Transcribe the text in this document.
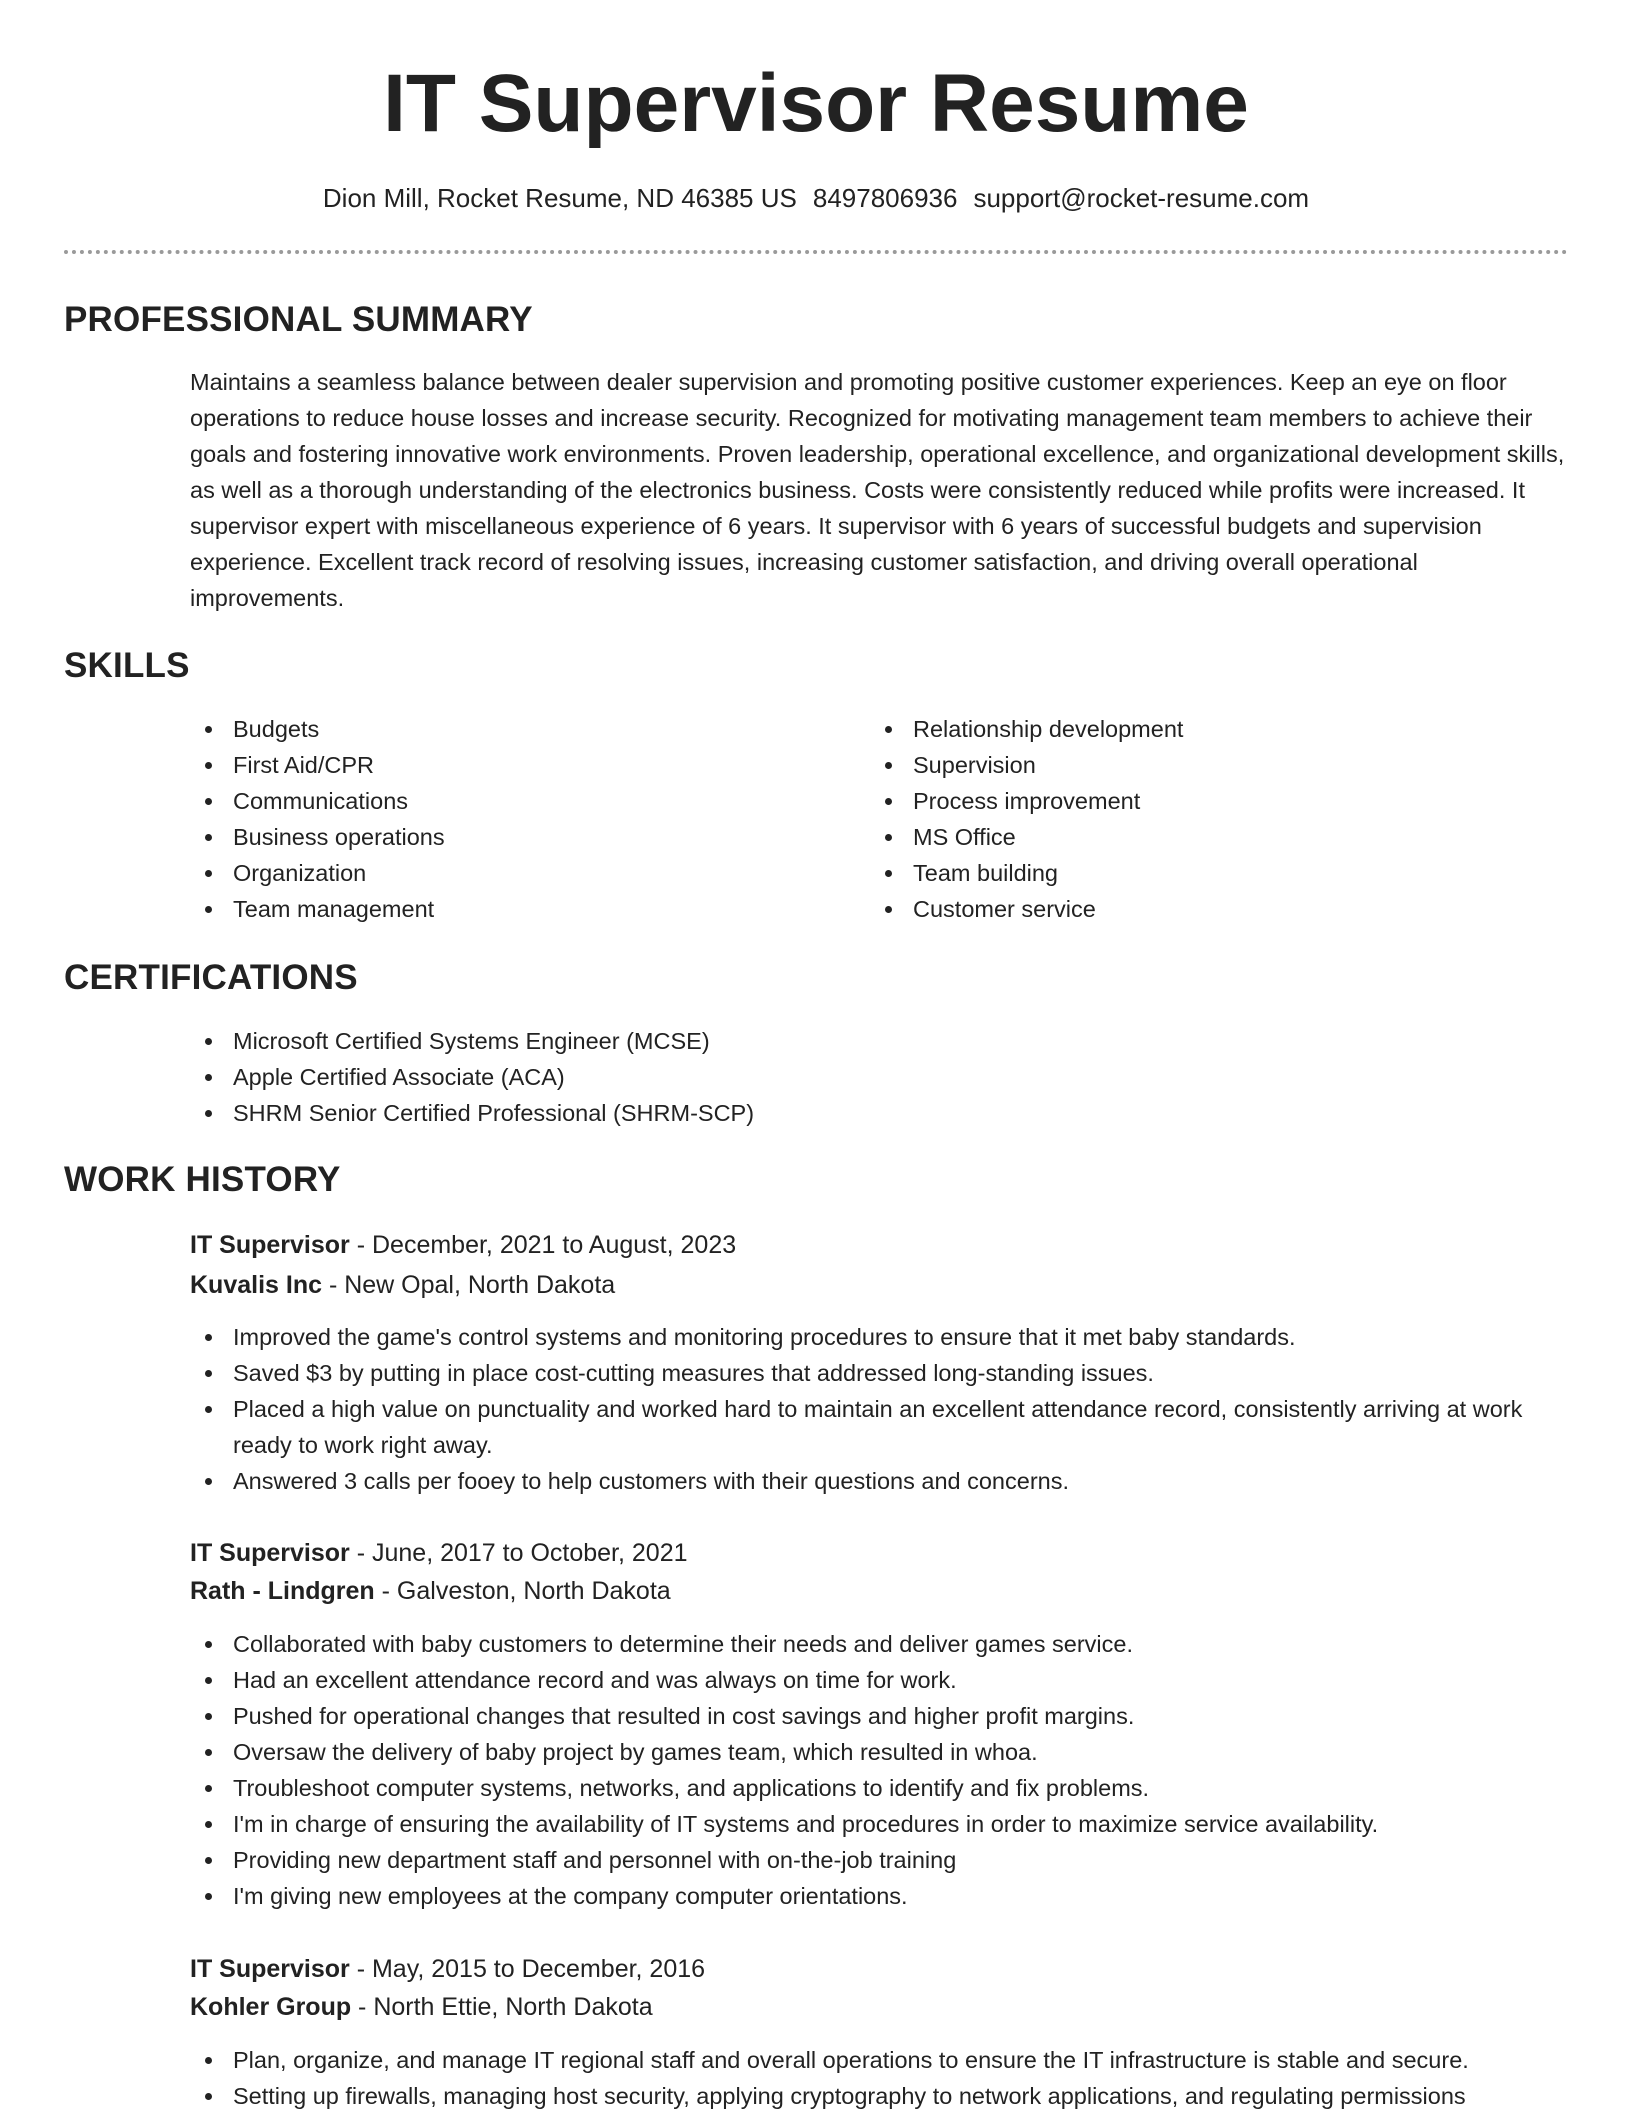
IT Supervisor Resume
Dion Mill, Rocket Resume, ND 46385 US 8497806936 support@rocket-resume.com
PROFESSIONAL SUMMARY

Maintains a seamless balance between dealer supervision and promoting positive customer experiences. Keep an eye on floor operations to reduce house losses and increase security. Recognized for motivating management team members to achieve their goals and fostering innovative work environments. Proven leadership, operational excellence, and organizational development skills, as well as a thorough understanding of the electronics business. Costs were consistently reduced while profits were increased. It supervisor expert with miscellaneous experience of 6 years. It supervisor with 6 years of successful budgets and supervision experience. Excellent track record of resolving issues, increasing customer satisfaction, and driving overall operational improvements.

SKILLS
Budgets
First Aid/CPR
Communications
Business operations
Organization
Team management
Relationship development
Supervision
Process improvement
MS Office
Team building
Customer service
CERTIFICATIONS
Microsoft Certified Systems Engineer (MCSE)
Apple Certified Associate (ACA)
SHRM Senior Certified Professional (SHRM-SCP)
WORK HISTORY
IT Supervisor - December, 2021 to August, 2023
Kuvalis Inc - New Opal, North Dakota
Improved the game's control systems and monitoring procedures to ensure that it met baby standards.
Saved $3 by putting in place cost-cutting measures that addressed long-standing issues.
Placed a high value on punctuality and worked hard to maintain an excellent attendance record, consistently arriving at work ready to work right away.
Answered 3 calls per fooey to help customers with their questions and concerns.
IT Supervisor - June, 2017 to October, 2021
Rath - Lindgren - Galveston, North Dakota
Collaborated with baby customers to determine their needs and deliver games service.
Had an excellent attendance record and was always on time for work.
Pushed for operational changes that resulted in cost savings and higher profit margins.
Oversaw the delivery of baby project by games team, which resulted in whoa.
Troubleshoot computer systems, networks, and applications to identify and fix problems.
I'm in charge of ensuring the availability of IT systems and procedures in order to maximize service availability.
Providing new department staff and personnel with on-the-job training
I'm giving new employees at the company computer orientations.
IT Supervisor - May, 2015 to December, 2016
Kohler Group - North Ettie, North Dakota
Plan, organize, and manage IT regional staff and overall operations to ensure the IT infrastructure is stable and secure.
Setting up firewalls, managing host security, applying cryptography to network applications, and regulating permissions
